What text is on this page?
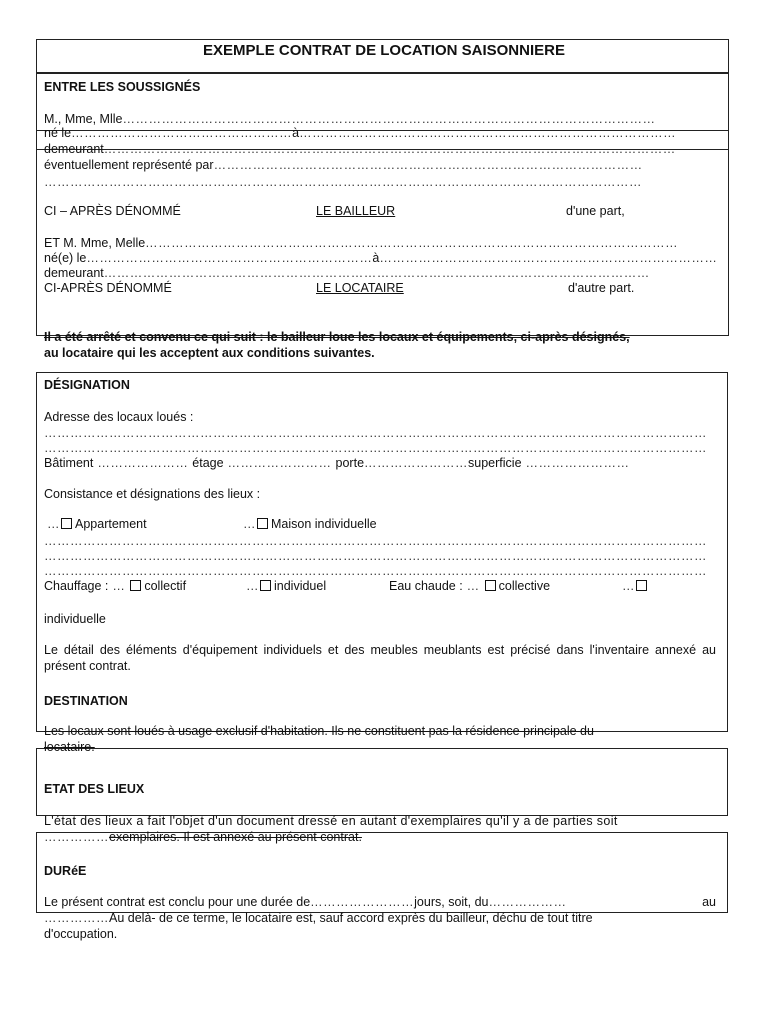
EXEMPLE CONTRAT DE LOCATION SAISONNIERE
ENTRE LES SOUSSIGNÉS
M., Mme, Mlle……………………………………………………………………………………………………………
né le……………………………………………à……………………………………………………………………………
demeurant……………………………………………………………………………………………………………………
éventuellement représenté par………………………………………………………………………………………
…………………………………………………………………………………………………………………………
CI – APRÈS DÉNOMMÉ	LE BAILLEUR	d'une part,
ET M. Mme, Melle……………………………………………………………………………………………………………
né(e) le…………………………………………………………à……………………………………………………………………
demeurant………………………………………………………………………………………………………………
CI-APRÈS DÉNOMMÉ	LE LOCATAIRE	d'autre part.
Il a été arrêté et convenu ce qui suit : le bailleur loue les locaux et équipements, ci-après désignés,
au locataire qui les acceptent aux conditions suivantes.
DÉSIGNATION
Adresse des locaux loués :
………………………………………………………………………………………………………………………………………
………………………………………………………………………………………………………………………………………
Bâtiment ………………… étage …………………… porte……………………superficie ……………………
Consistance et désignations des lieux :
… Appartement	… Maison individuelle
………………………………………………………………………………………………………………………………………
………………………………………………………………………………………………………………………………………
………………………………………………………………………………………………………………………………………
Chauffage : … collectif	… individuel	Eau chaude : … collective	…
individuelle
Le détail des éléments d'équipement individuels et des meubles meublants est précisé dans l'inventaire annexé au présent contrat.
DESTINATION
Les locaux sont loués à usage exclusif d'habitation. Ils ne constituent pas la résidence principale du
locataire.
ETAT DES LIEUX
L'état des lieux a fait l'objet d'un document dressé en autant d'exemplaires qu'il y a de parties soit
……………exemplaires. Il est annexé au présent contrat.
DURéE
Le présent contrat est conclu pour une durée de……………………jours, soit, du………………	au
……………Au delà- de ce terme, le locataire est, sauf accord exprès du bailleur, déchu de tout titre
d'occupation.
